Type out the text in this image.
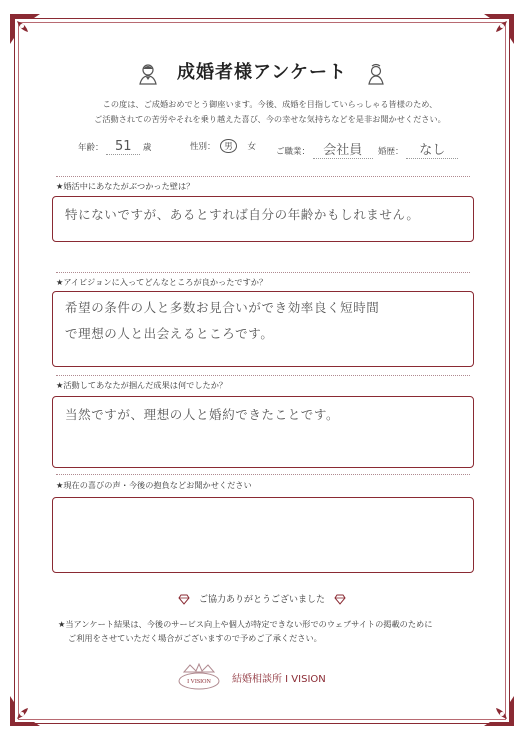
成婚者様アンケート
この度は、ご成婚おめでとう御座います。今後、成婚を目指していらっしゃる皆様のため、
ご活動されての苦労やそれを乗り越えた喜び、今の幸せな気持ちなどを是非お聞かせください。
年齢： 51 歳	性別： 男 女 ご職業： 会社員	婚歴： なし
★婚活中にあなたがぶつかった壁は？
特にないですが、あるとすれば自分の年齢かもしれません。
★アイビジョンに入ってどんなところが良かったですか？
希望の条件の人と多数お見合いができ効率良く短時間
で理想の人と出会えるところです。
★活動してあなたが掴んだ成果は何でしたか？
当然ですが、理想の人と婚約できたことです。
★現在の喜びの声・今後の抱負などお聞かせください
ご協力ありがとうございました
★当アンケート結果は、今後のサービス向上や個人が特定できない形でのウェブサイトの掲載のために
ご利用をさせていただく場合がございますので予めご了承ください。
I VISION 結婚相談所 I VISION
